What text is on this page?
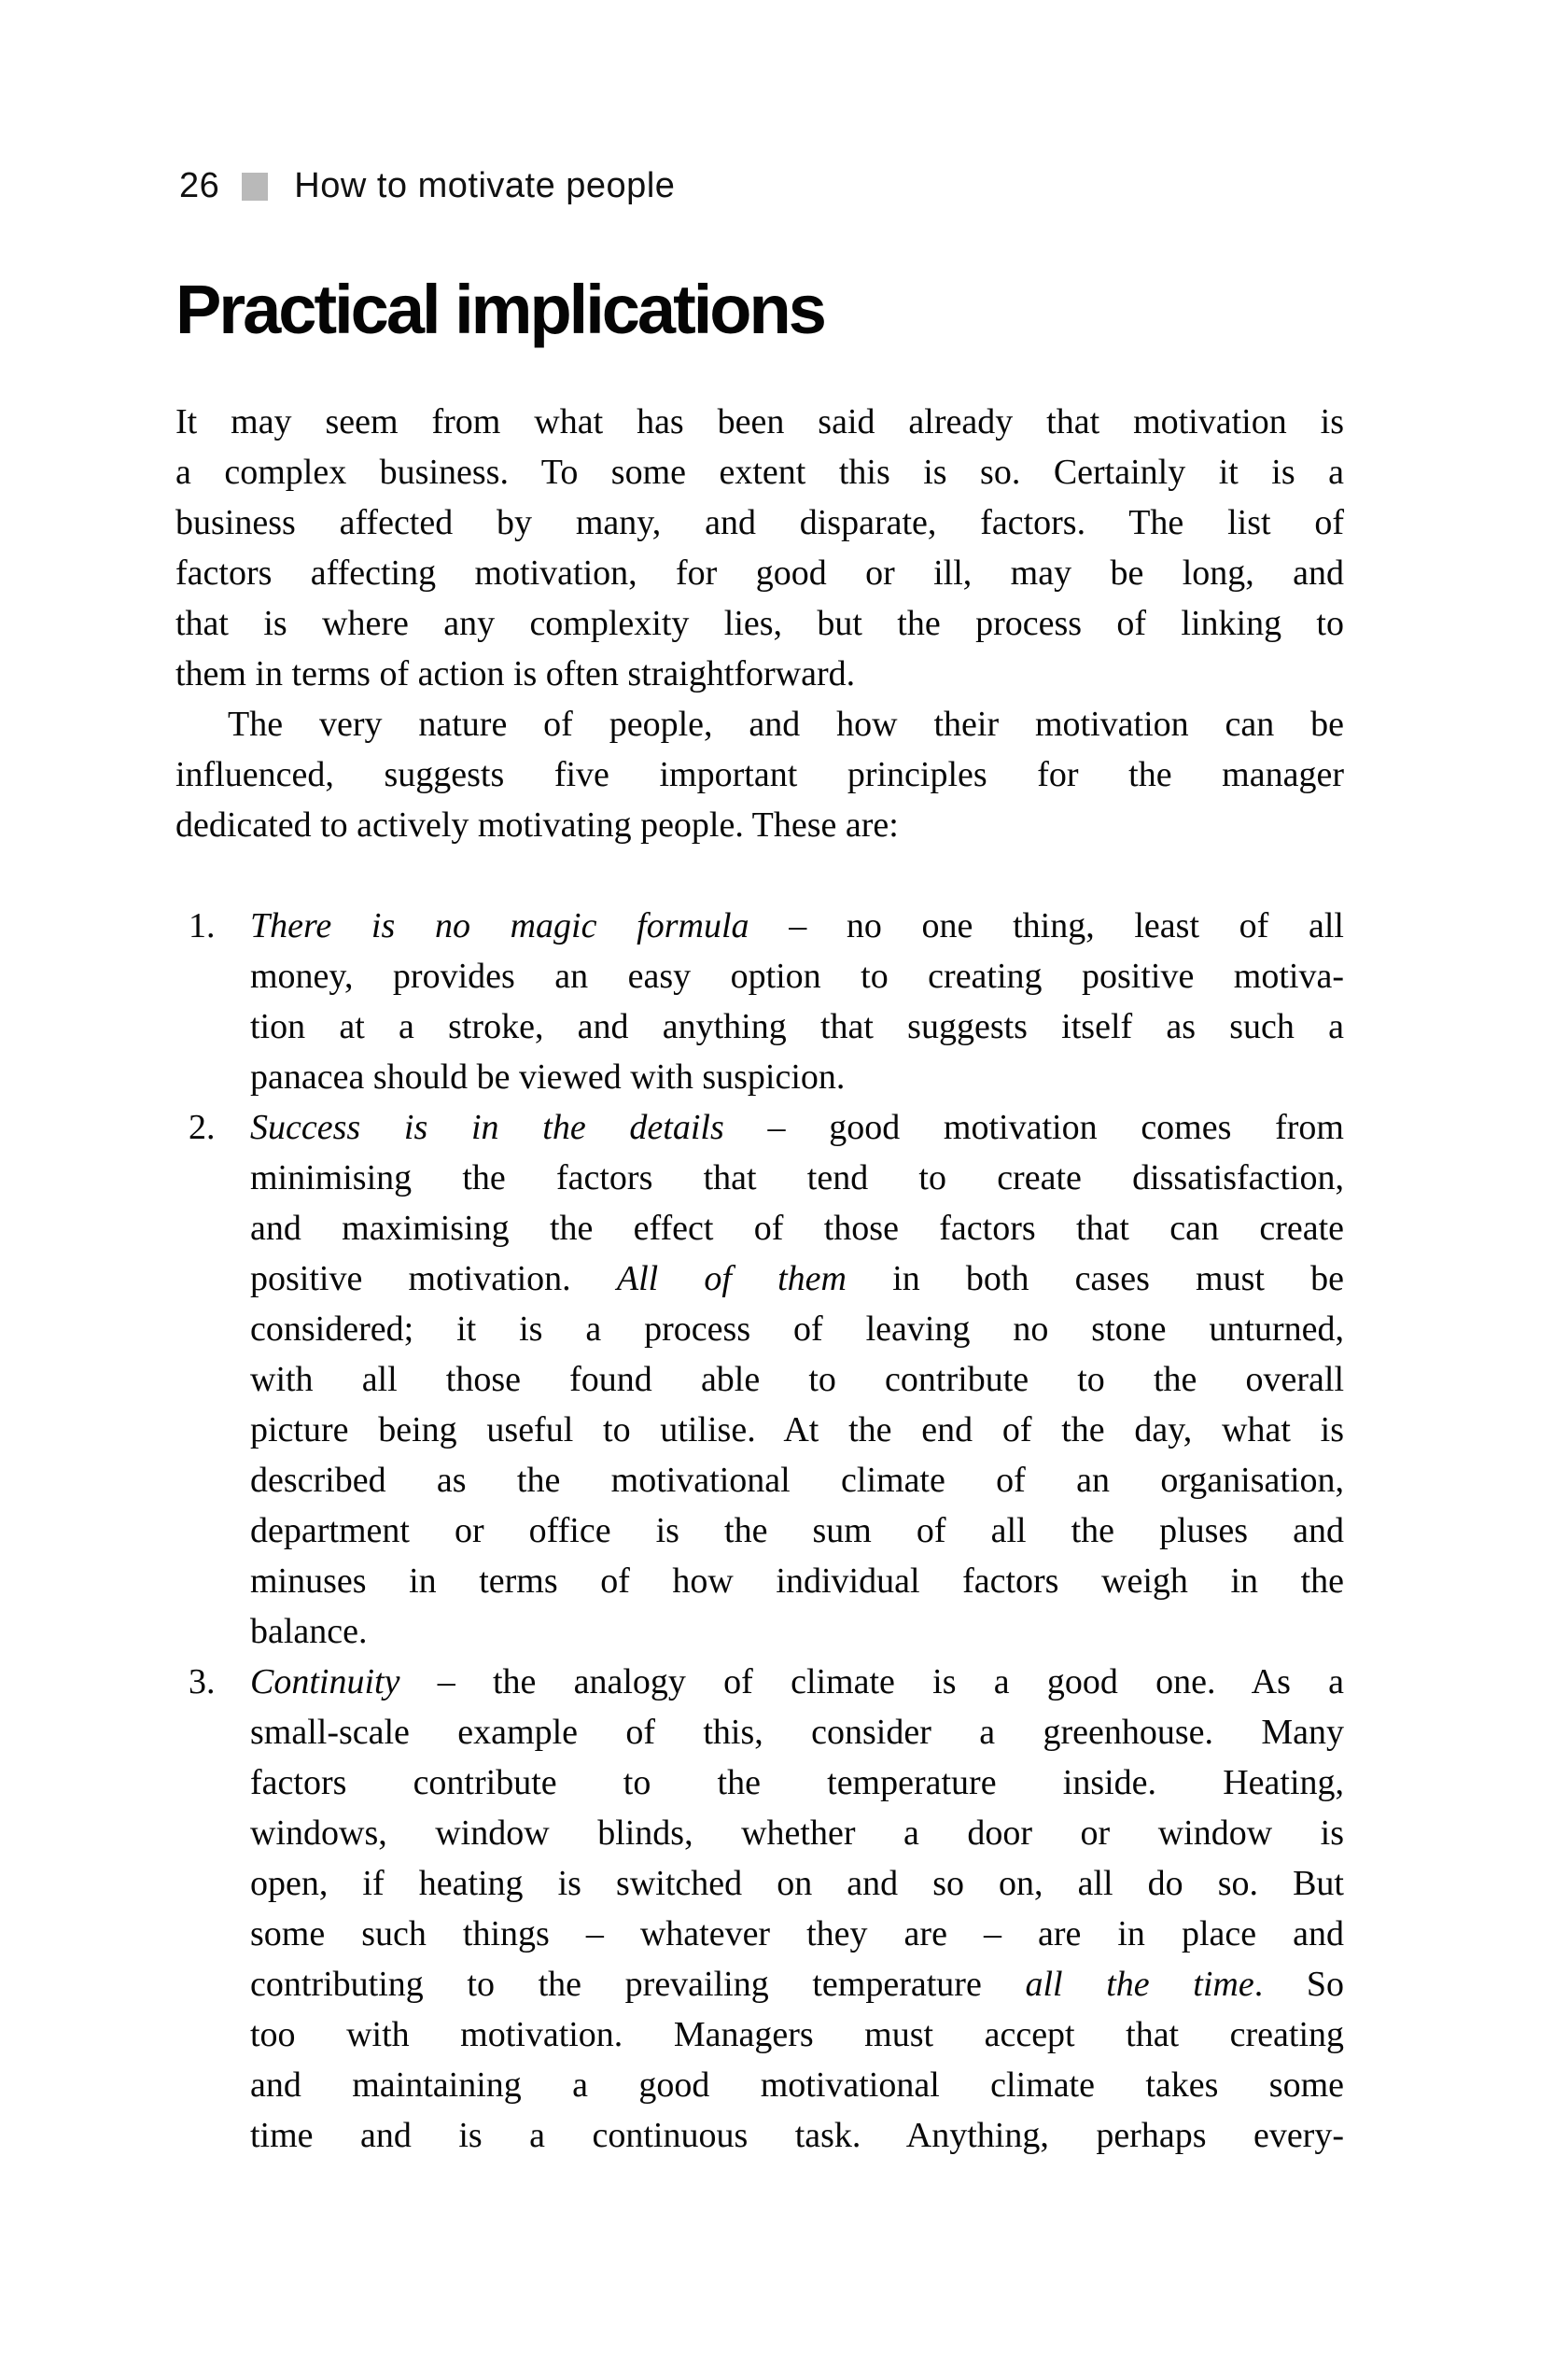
26 How to motivate people
Practical implications
It may seem from what has been said already that motivation is
a complex business. To some extent this is so. Certainly it is a
business affected by many, and disparate, factors. The list of
factors affecting motivation, for good or ill, may be long, and
that is where any complexity lies, but the process of linking to
them in terms of action is often straightforward.
The very nature of people, and how their motivation can be
influenced, suggests five important principles for the manager
dedicated to actively motivating people. These are:
1. There is no magic formula – no one thing, least of all
money, provides an easy option to creating positive motiva-
tion at a stroke, and anything that suggests itself as such a
panacea should be viewed with suspicion.
2. Success is in the details – good motivation comes from
minimising the factors that tend to create dissatisfaction,
and maximising the effect of those factors that can create
positive motivation. All of them in both cases must be
considered; it is a process of leaving no stone unturned,
with all those found able to contribute to the overall
picture being useful to utilise. At the end of the day, what is
described as the motivational climate of an organisation,
department or office is the sum of all the pluses and
minuses in terms of how individual factors weigh in the
balance.
3. Continuity – the analogy of climate is a good one. As a
small-scale example of this, consider a greenhouse. Many
factors contribute to the temperature inside. Heating,
windows, window blinds, whether a door or window is
open, if heating is switched on and so on, all do so. But
some such things – whatever they are – are in place and
contributing to the prevailing temperature all the time. So
too with motivation. Managers must accept that creating
and maintaining a good motivational climate takes some
time and is a continuous task. Anything, perhaps every-
